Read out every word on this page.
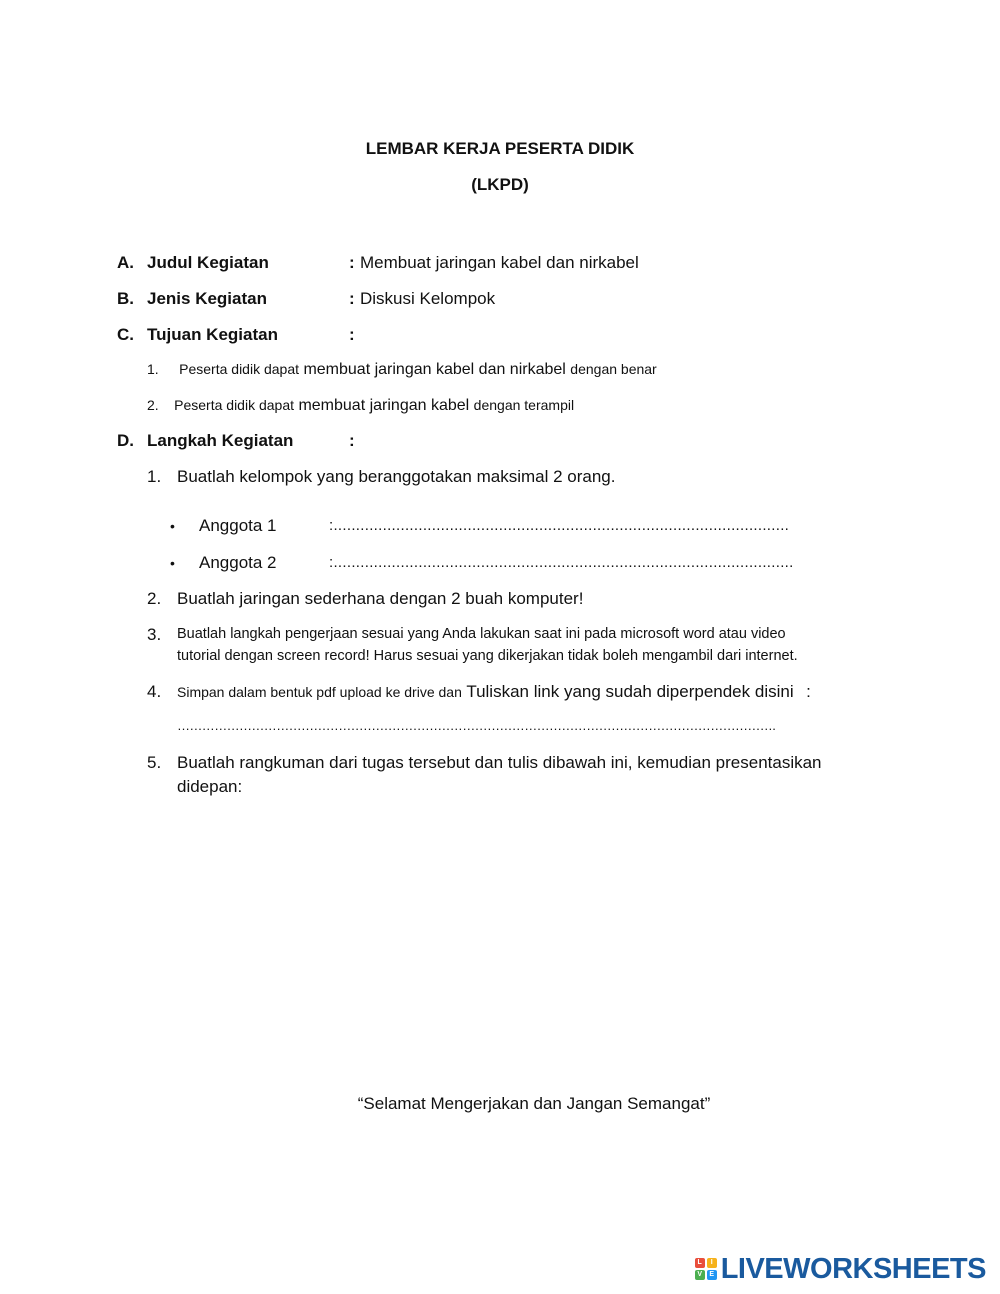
LEMBAR KERJA PESERTA DIDIK
(LKPD)
A. Judul Kegiatan	: Membuat jaringan kabel dan nirkabel
B. Jenis Kegiatan	: Diskusi Kelompok
C. Tujuan Kegiatan	:
1. Peserta didik dapat membuat jaringan kabel dan nirkabel dengan benar
2. Peserta didik dapat membuat jaringan kabel dengan terampil
D. Langkah Kegiatan	:
1. Buatlah kelompok yang beranggotakan maksimal 2 orang.
• Anggota 1	:......................................................................................................
• Anggota 2	:.......................................................................................................
2. Buatlah jaringan sederhana dengan 2 buah komputer!
3. Buatlah langkah pengerjaan sesuai yang Anda lakukan saat ini pada microsoft word atau video
tutorial dengan screen record! Harus sesuai yang dikerjakan tidak boleh mengambil dari internet.
4. Simpan dalam bentuk pdf upload ke drive dan Tuliskan link yang sudah diperpendek disini :
……………………………………………………………………………………………………………………………….
5. Buatlah rangkuman dari tugas tersebut dan tulis dibawah ini, kemudian presentasikan
didepan:
“Selamat Mengerjakan dan Jangan Semangat”
L	I
V	E LIVEWORKSHEETS
